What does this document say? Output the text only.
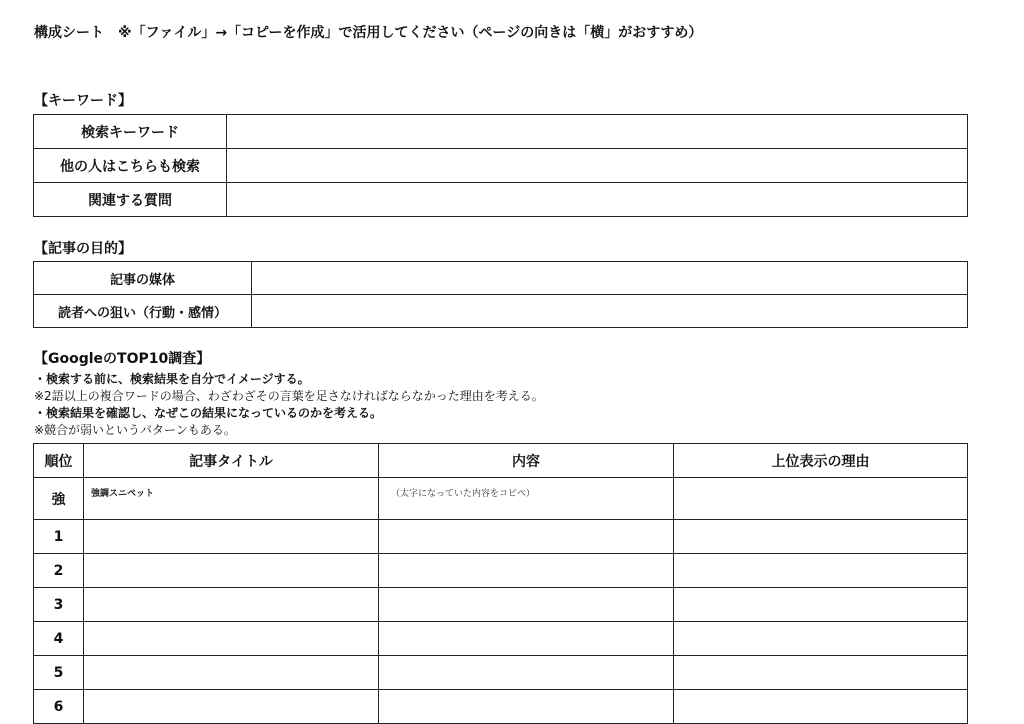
構成シート　※「ファイル」→「コピーを作成」で活用してください（ページの向きは「横」がおすすめ）

【キーワード】

検索キーワード	
他の人はこちらも検索	
関連する質問	

【記事の目的】

記事の媒体	
読者への狙い（行動・感情）	

【GoogleのTOP10調査】

・検索する前に、検索結果を自分でイメージする。
※2語以上の複合ワードの場合、わざわざその言葉を足さなければならなかった理由を考える。
・検索結果を確認し、なぜこの結果になっているのかを考える。
※競合が弱いというパターンもある。
順位	記事タイトル	内容	上位表示の理由
強	強調スニペット	（太字になっていた内容をコピペ）	
1			
2			
3			
4			
5			
6			
